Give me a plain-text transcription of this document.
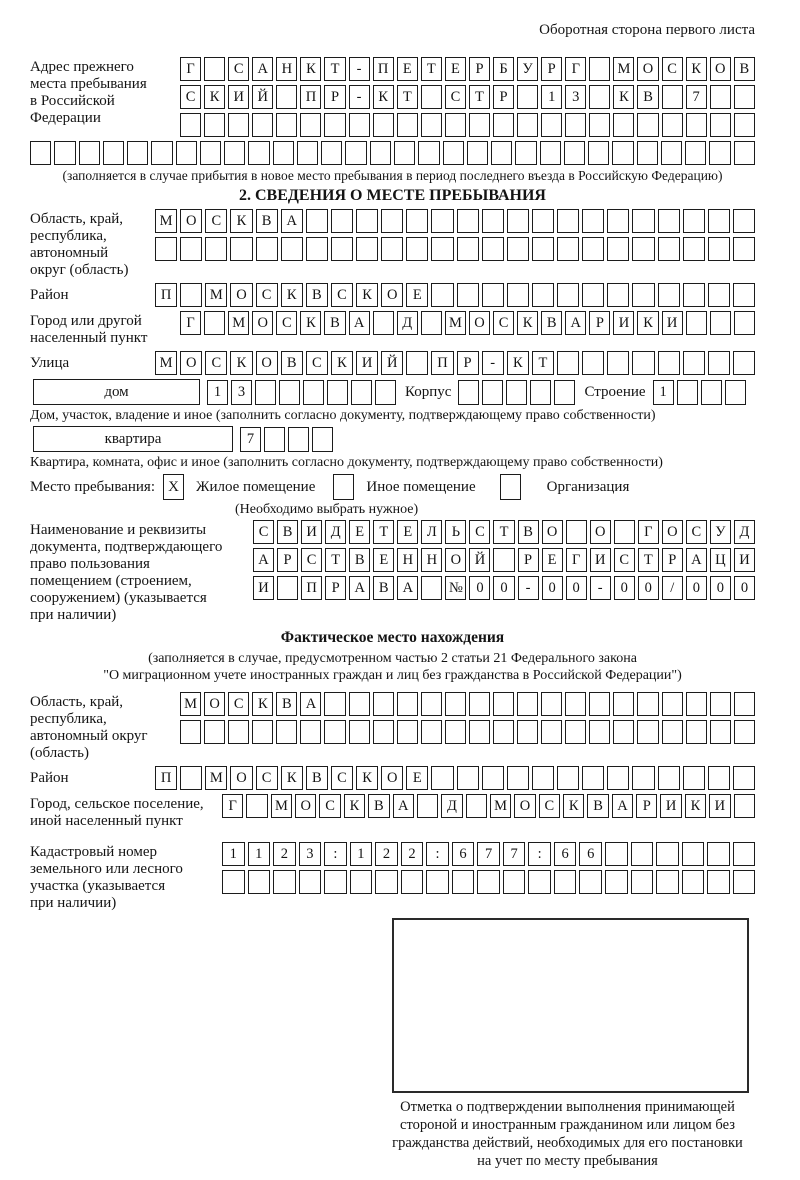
Оборотная сторона первого листа
Адрес прежнего
места пребывания
в Российской
Федерации
Г	С А Н К	Т	-	П Е	Т	Е	Р	Б	У	Р	Г	М О С К О В
С К И Й	П	Р	-	К	Т	С	Т	Р	1	3	К В	7
(заполняется в случае прибытия в новое место пребывания в период последнего въезда в Российскую Федерацию)
2. СВЕДЕНИЯ О МЕСТЕ ПРЕБЫВАНИЯ
Область, край,
республика,
автономный
округ (область)
М О	С	К	В	А
Район	П	М О	С	К	В	С	К	О	Е
Город или другой
населенный пункт
Г	М О С К В А	Д	М О С К В А	Р	И К И
Улица	М О	С	К	О	В	С	К	И	Й	П	Р	-	К	Т
дом	1	3	Корпус	Строение 1
Дом, участок, владение и иное (заполнить согласно документу, подтверждающему право собственности)
квартира	7
Квартира, комната, офис и иное (заполнить согласно документу, подтверждающему право собственности)
Место пребывания: X	Жилое помещение	Иное помещение	Организация
(Необходимо выбрать нужное)
Наименование и реквизиты
документа, подтверждающего
право пользования
помещением (строением,
сооружением) (указывается
при наличии)
С В И Д	Е	Т	Е	Л	Ь	С	Т	В О	О	Г	О С У Д
А	Р	С	Т	В	Е Н Н О Й	Р	Е	Г	И С	Т	Р	А Ц И
И	П	Р	А В А	№ 0	0	-	0	0	-	0	0	/	0	0	0
Фактическое место нахождения
(заполняется в случае, предусмотренном частью 2 статьи 21 Федерального закона
"О миграционном учете иностранных граждан и лиц без гражданства в Российской Федерации")
Область, край,
республика,
автономный округ
(область)
М О С К В А
Район	П	М О	С	К	В	С	К	О	Е
Город, сельское поселение,
иной населенный пункт
Г	М О С	К	В А	Д	М О С	К	В А	Р	И К И
Кадастровый номер
земельного или лесного
участка (указывается
при наличии)
1	1	2	3	:	1	2	2	:	6	7	7	:	6	6
Отметка о подтверждении выполнения принимающей
стороной и иностранным гражданином или лицом без
гражданства действий, необходимых для его постановки
на учет по месту пребывания
